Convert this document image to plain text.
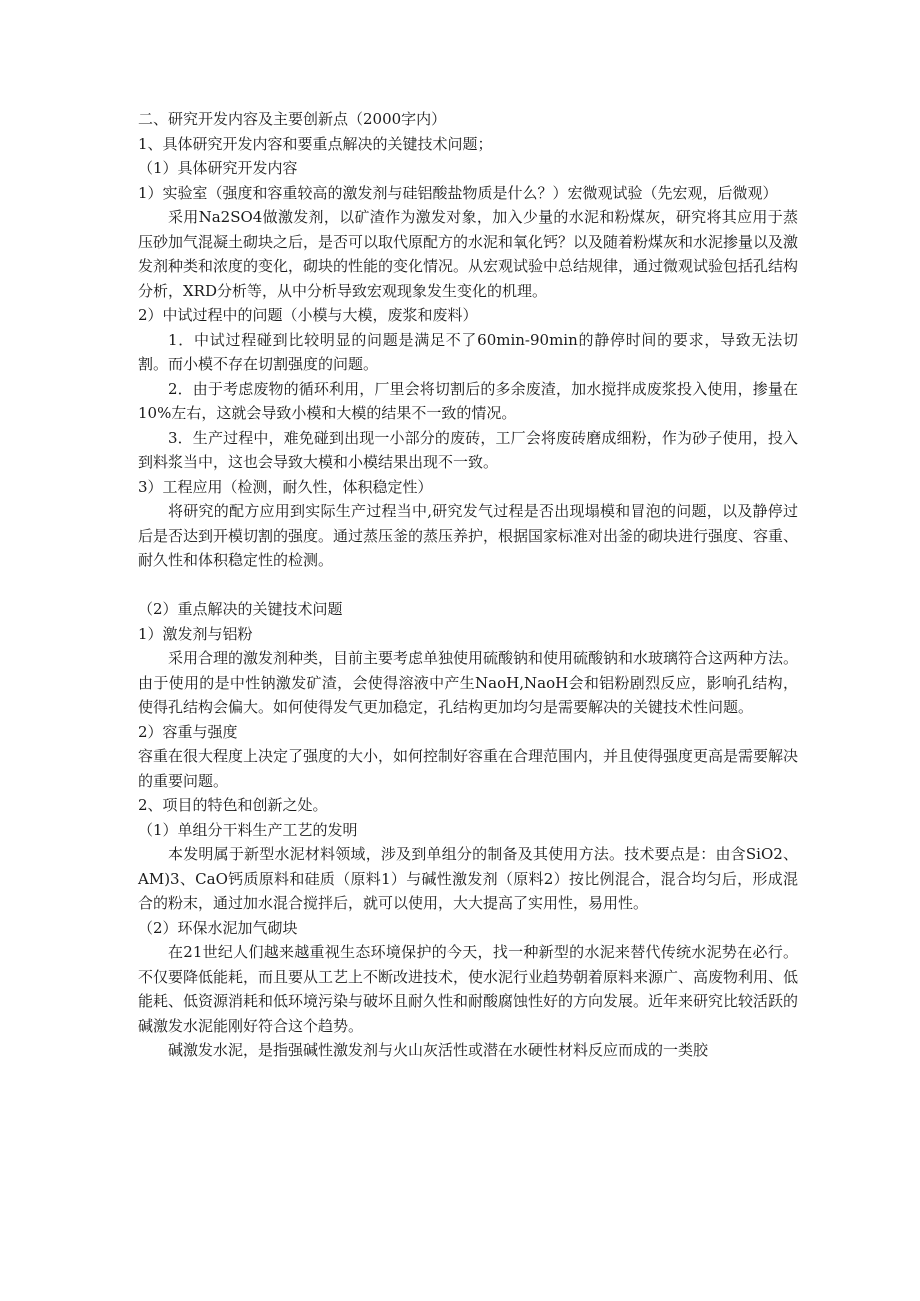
二、研究开发内容及主要创新点（2000字内）
1、具体研究开发内容和要重点解决的关键技术问题；
（1）具体研究开发内容
1）实验室（强度和容重较高的激发剂与硅铝酸盐物质是什么？）宏微观试验（先宏观，后微观）
采用Na2SO4做激发剂，以矿渣作为激发对象，加入少量的水泥和粉煤灰，研究将其应用于蒸压砂加气混凝土砌块之后，是否可以取代原配方的水泥和氧化钙？以及随着粉煤灰和水泥掺量以及激发剂种类和浓度的变化，砌块的性能的变化情况。从宏观试验中总结规律，通过微观试验包括孔结构分析，XRD分析等，从中分析导致宏观现象发生变化的机理。
2）中试过程中的问题（小模与大模，废浆和废料）
1．中试过程碰到比较明显的问题是满足不了60min-90min的静停时间的要求，导致无法切割。而小模不存在切割强度的问题。
2．由于考虑废物的循环利用，厂里会将切割后的多余废渣，加水搅拌成废浆投入使用，掺量在10%左右，这就会导致小模和大模的结果不一致的情况。
3．生产过程中，难免碰到出现一小部分的废砖，工厂会将废砖磨成细粉，作为砂子使用，投入到料浆当中，这也会导致大模和小模结果出现不一致。
3）工程应用（检测，耐久性，体积稳定性）
将研究的配方应用到实际生产过程当中,研究发气过程是否出现塌模和冒泡的问题，以及静停过后是否达到开模切割的强度。通过蒸压釜的蒸压养护，根据国家标准对出釜的砌块进行强度、容重、耐久性和体积稳定性的检测。
（2）重点解决的关键技术问题
1）激发剂与铝粉
采用合理的激发剂种类，目前主要考虑单独使用硫酸钠和使用硫酸钠和水玻璃符合这两种方法。由于使用的是中性钠激发矿渣，会使得溶液中产生NaoH,NaoH会和铝粉剧烈反应，影响孔结构，使得孔结构会偏大。如何使得发气更加稳定，孔结构更加均匀是需要解决的关键技术性问题。
2）容重与强度
容重在很大程度上决定了强度的大小，如何控制好容重在合理范围内，并且使得强度更高是需要解决的重要问题。
2、项目的特色和创新之处。
（1）单组分干料生产工艺的发明
本发明属于新型水泥材料领域，涉及到单组分的制备及其使用方法。技术要点是：由含SiO2、AM)3、CaO钙质原料和硅质（原料1）与碱性激发剂（原料2）按比例混合，混合均匀后，形成混合的粉末，通过加水混合搅拌后，就可以使用，大大提高了实用性，易用性。
（2）环保水泥加气砌块
在21世纪人们越来越重视生态环境保护的今天，找一种新型的水泥来替代传统水泥势在必行。不仅要降低能耗，而且要从工艺上不断改进技术，使水泥行业趋势朝着原料来源广、高废物利用、低能耗、低资源消耗和低环境污染与破坏且耐久性和耐酸腐蚀性好的方向发展。近年来研究比较活跃的碱激发水泥能刚好符合这个趋势。
碱激发水泥，是指强碱性激发剂与火山灰活性或潜在水硬性材料反应而成的一类胶
